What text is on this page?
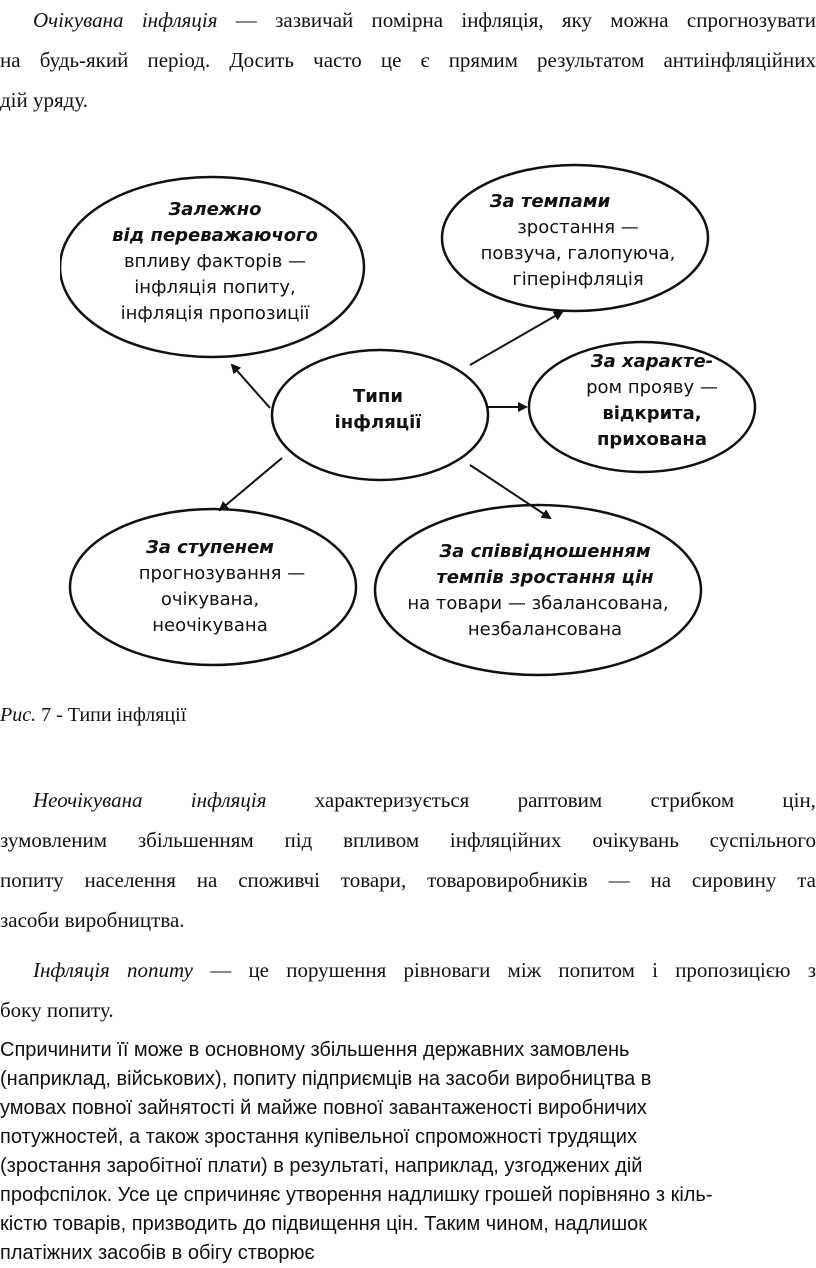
Очікувана інфляція — зазвичай помірна інфляція, яку можна спрогнозувати

на будь-який період. Досить часто це є прямим результатом антиінфляційних

дій уряду.

Типи
інфляції
Залежно
від переважаючого
впливу факторів —
інфляція попиту,
інфляція пропозиції
За темпами
зростання —
повзуча, галопуюча,
гіперінфляція
За характе-
ром прояву —
відкрита,
прихована
За ступенем
прогнозування —
очікувана,
неочікувана
За співвідношенням
темпів зростання цін
на товари — збалансована,
незбалансована
Рис. 7 - Типи інфляції
Неочікувана інфляція характеризується раптовим стрибком цін,

зумовленим збільшенням під впливом інфляційних очікувань суспільного

попиту населення на споживчі товари, товаровиробників — на сировину та

засоби виробництва.

Інфляція попиту — це порушення рівноваги між попитом і пропозицією з

боку попиту.

Спричинити її може в основному збільшення державних замовлень
(наприклад, військових), попиту підприємців на засоби виробництва в
умовах повної зайнятості й майже повної завантаженості виробничих
потужностей, а також зростання купівельної спроможності трудящих
(зростання заробітної плати) в результаті, наприклад, узгоджених дій
профспілок. Усе це спричиняє утворення надлишку грошей порівняно з кіль-
кістю товарів, призводить до підвищення цін. Таким чином, надлишок
платіжних засобів в обігу створює
